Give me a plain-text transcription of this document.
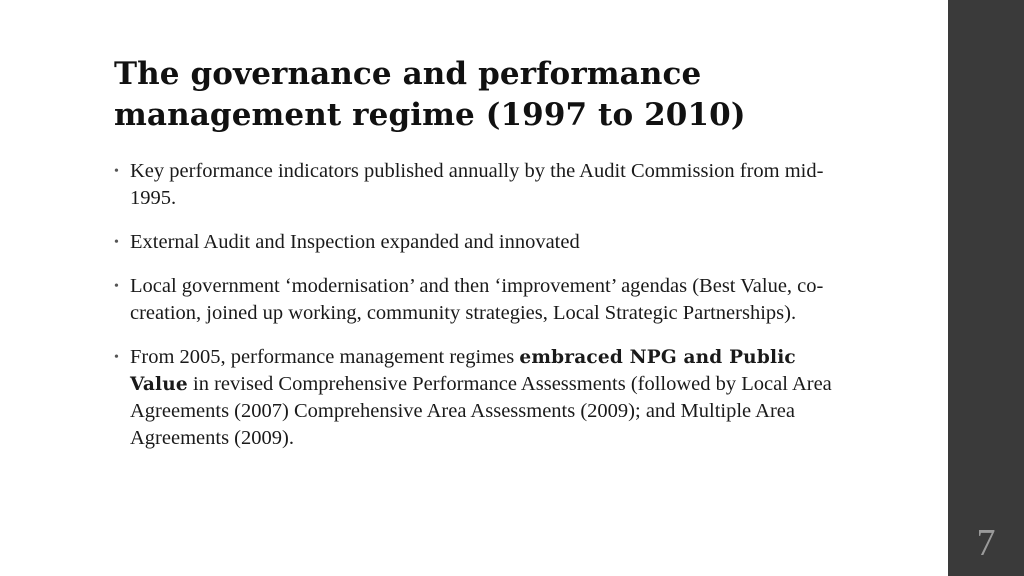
The governance and performance management regime (1997 to 2010)
• Key performance indicators published annually by the Audit Commission from mid-1995.
• External Audit and Inspection expanded and innovated
• Local government ‘modernisation’ and then ‘improvement’ agendas (Best Value, co-creation, joined up working, community strategies, Local Strategic Partnerships).
• From 2005, performance management regimes embraced NPG and Public Value in revised Comprehensive Performance Assessments (followed by Local Area Agreements (2007) Comprehensive Area Assessments (2009); and Multiple Area Agreements (2009).
7
